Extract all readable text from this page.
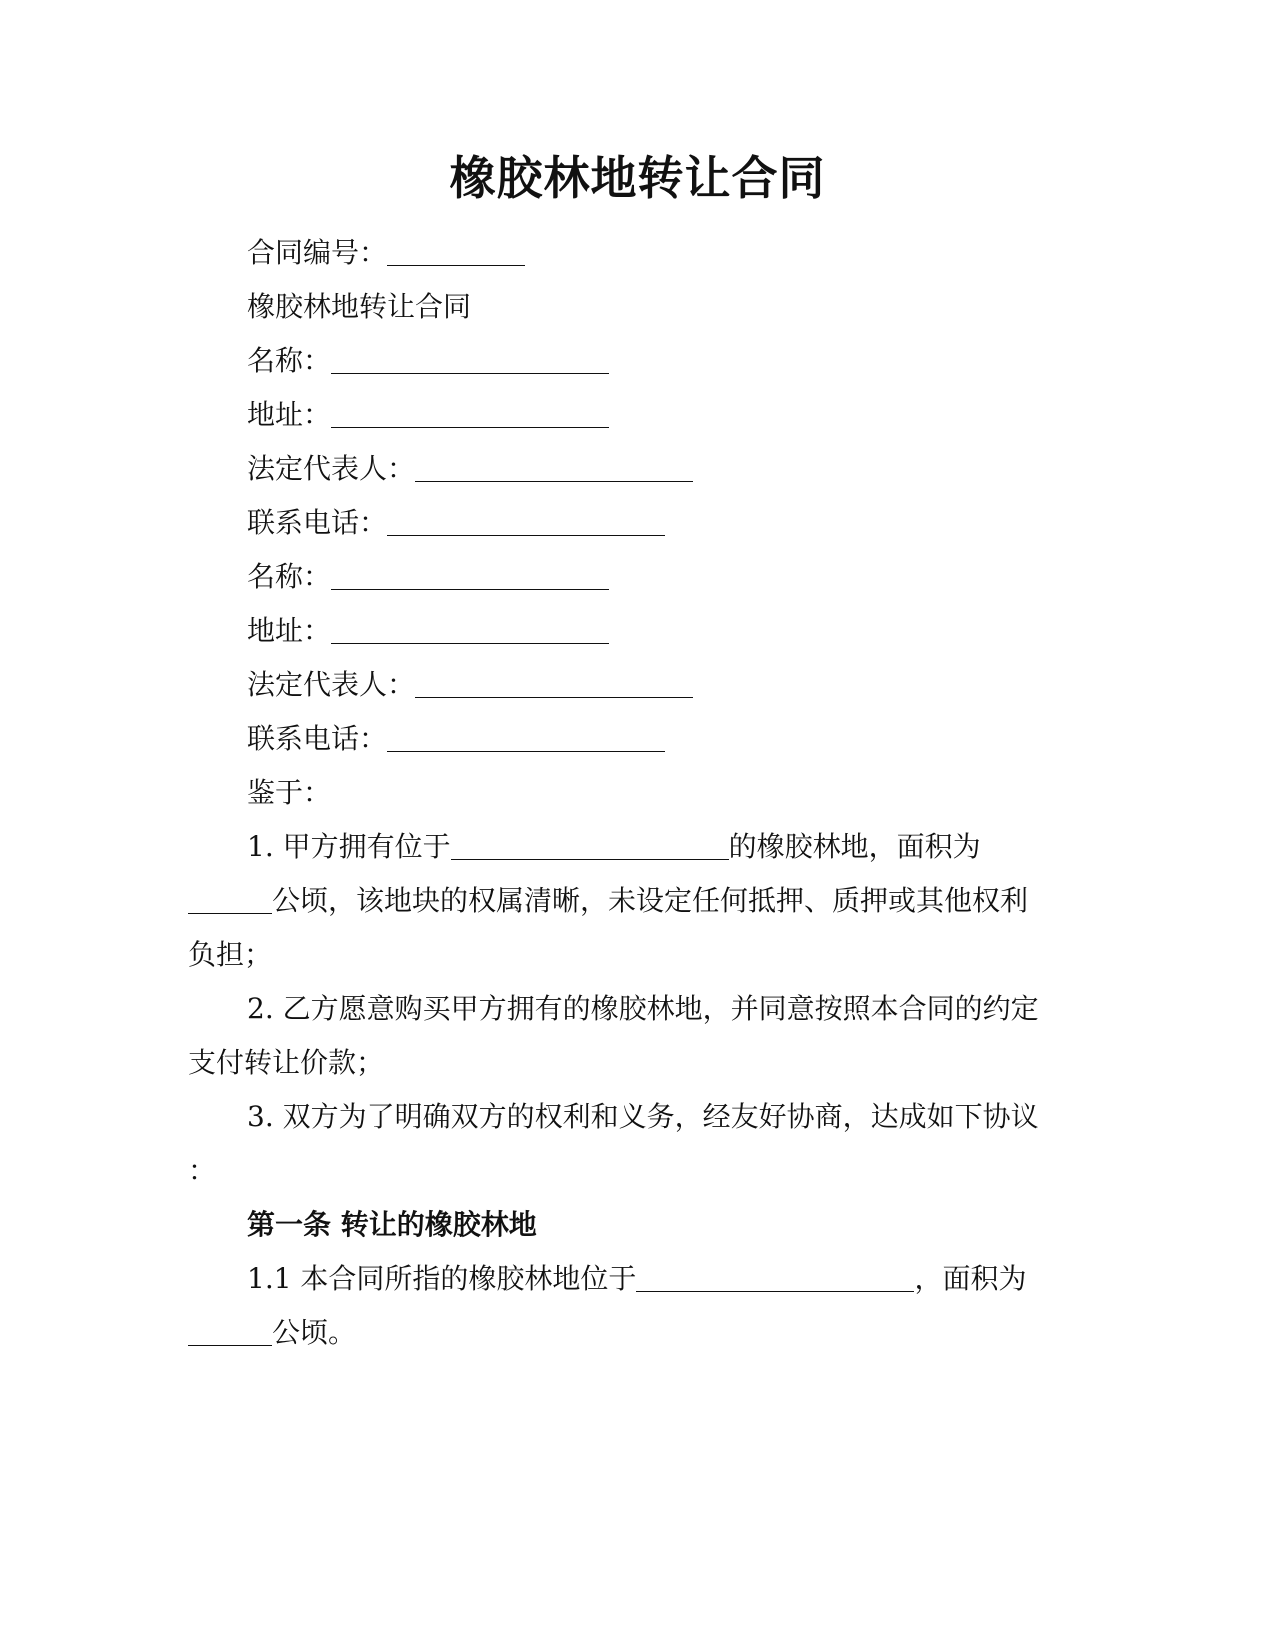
橡胶林地转让合同
合同编号：
橡胶林地转让合同
名称：
地址：
法定代表人：
联系电话：
名称：
地址：
法定代表人：
联系电话：
鉴于：
1. 甲方拥有位于	的橡胶林地，面积为
公顷，该地块的权属清晰，未设定任何抵押、质押或其他权利
负担；
2. 乙方愿意购买甲方拥有的橡胶林地，并同意按照本合同的约定
支付转让价款；
3. 双方为了明确双方的权利和义务，经友好协商，达成如下协议
：
第一条 转让的橡胶林地
1.1 本合同所指的橡胶林地位于	，面积为
公顷。
